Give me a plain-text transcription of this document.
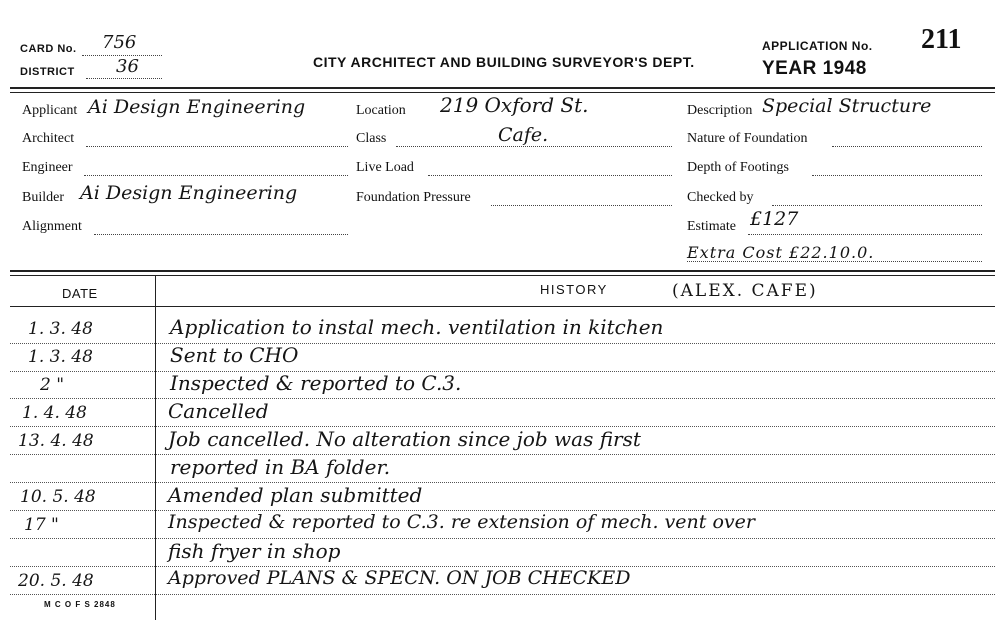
CARD No. 756
DISTRICT 36	CITY ARCHITECT AND BUILDING SURVEYOR'S DEPT.
APPLICATION No. 211
YEAR 1948
Applicant Ai Design Engineering
Architect
Engineer
Builder Ai Design Engineering
Alignment
Location 219 Oxford St.
Class	Cafe.
Live Load
Foundation Pressure
Description Special Structure
Nature of Foundation
Depth of Footings
Checked by
Estimate £127
Extra Cost £22.10.0.
DATE	HISTORY	(ALEX. CAFE)
1. 3. 48	Application to instal mech. ventilation in kitchen
1. 3. 48	Sent to CHO
2 "	Inspected & reported to C.3.
1. 4. 48	Cancelled
13. 4. 48	Job cancelled. No alteration since job was first
reported in BA folder.
10. 5. 48	Amended plan submitted
17 "	Inspected & reported to C.3. re extension of mech. vent over
fish fryer in shop
20. 5. 48	Approved PLANS & SPECN. ON JOB CHECKED
M C O F S 2848
